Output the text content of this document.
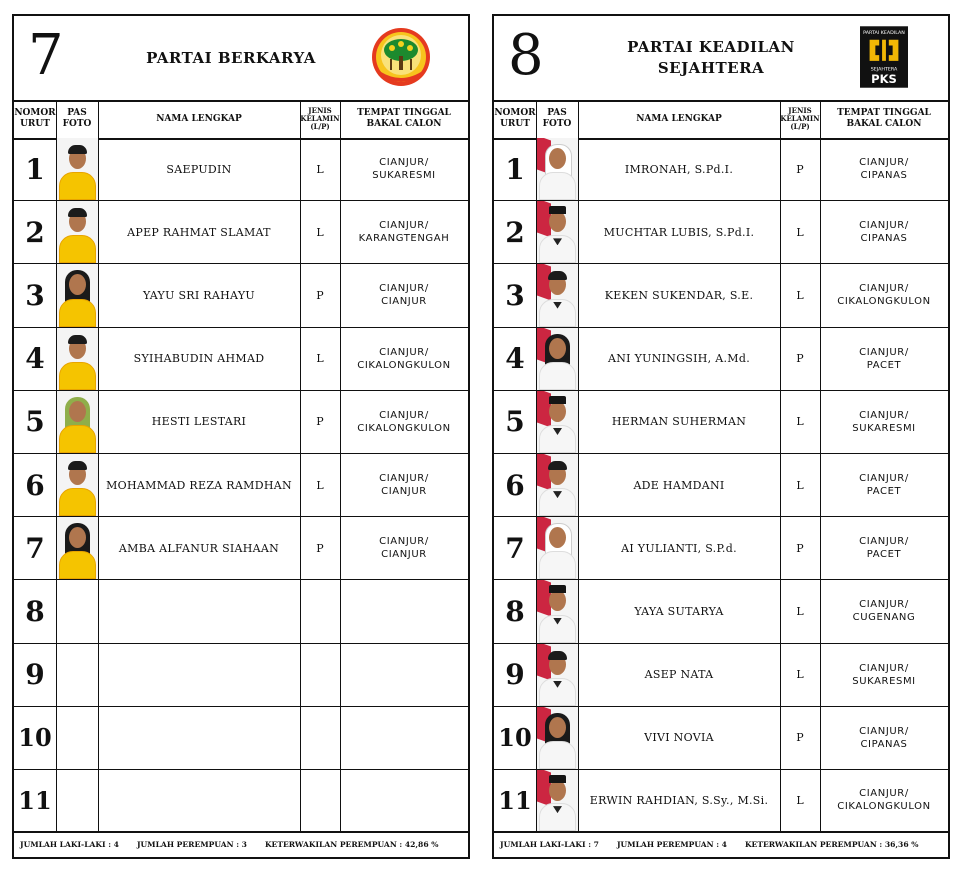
7	PARTAI BERKARYA
NOMOR URUT
PAS FOTO
NAMA LENGKAP
JENIS KELAMIN (L/P)
TEMPAT TINGGAL BAKAL CALON
1	SAEPUDIN	L	CIANJUR/
SUKARESMI
2	APEP RAHMAT SLAMAT	L	CIANJUR/
KARANGTENGAH
3	YAYU SRI RAHAYU	P	CIANJUR/
CIANJUR
4	SYIHABUDIN AHMAD	L	CIANJUR/
CIKALONGKULON
5	HESTI LESTARI	P	CIANJUR/
CIKALONGKULON
6	MOHAMMAD REZA RAMDHAN	L	CIANJUR/
CIANJUR
7	AMBA ALFANUR SIAHAAN	P	CIANJUR/
CIANJUR
8
9
10
11
JUMLAH LAKI-LAKI : 4 JUMLAH PEREMPUAN : 3 KETERWAKILAN PEREMPUAN : 42,86 %
8	PARTAI KEADILAN SEJAHTERA
PARTAI KEADILAN
SEJAHTERA
PKS
NOMOR URUT
PAS FOTO
NAMA LENGKAP
JENIS KELAMIN (L/P)
TEMPAT TINGGAL BAKAL CALON
1	IMRONAH, S.Pd.I.	P	CIANJUR/
CIPANAS
2	MUCHTAR LUBIS, S.Pd.I.	L	CIANJUR/
CIPANAS
3	KEKEN SUKENDAR, S.E.	L	CIANJUR/
CIKALONGKULON
4	ANI YUNINGSIH, A.Md.	P	CIANJUR/
PACET
5	HERMAN SUHERMAN	L	CIANJUR/
SUKARESMI
6	ADE HAMDANI	L	CIANJUR/
PACET
7	AI YULIANTI, S.P.d.	P	CIANJUR/
PACET
8	YAYA SUTARYA	L	CIANJUR/
CUGENANG
9	ASEP NATA	L	CIANJUR/
SUKARESMI
10	VIVI NOVIA	P	CIANJUR/
CIPANAS
11	ERWIN RAHDIAN, S.Sy., M.Si.	L	CIANJUR/
CIKALONGKULON
JUMLAH LAKI-LAKI : 7 JUMLAH PEREMPUAN : 4 KETERWAKILAN PEREMPUAN : 36,36 %
